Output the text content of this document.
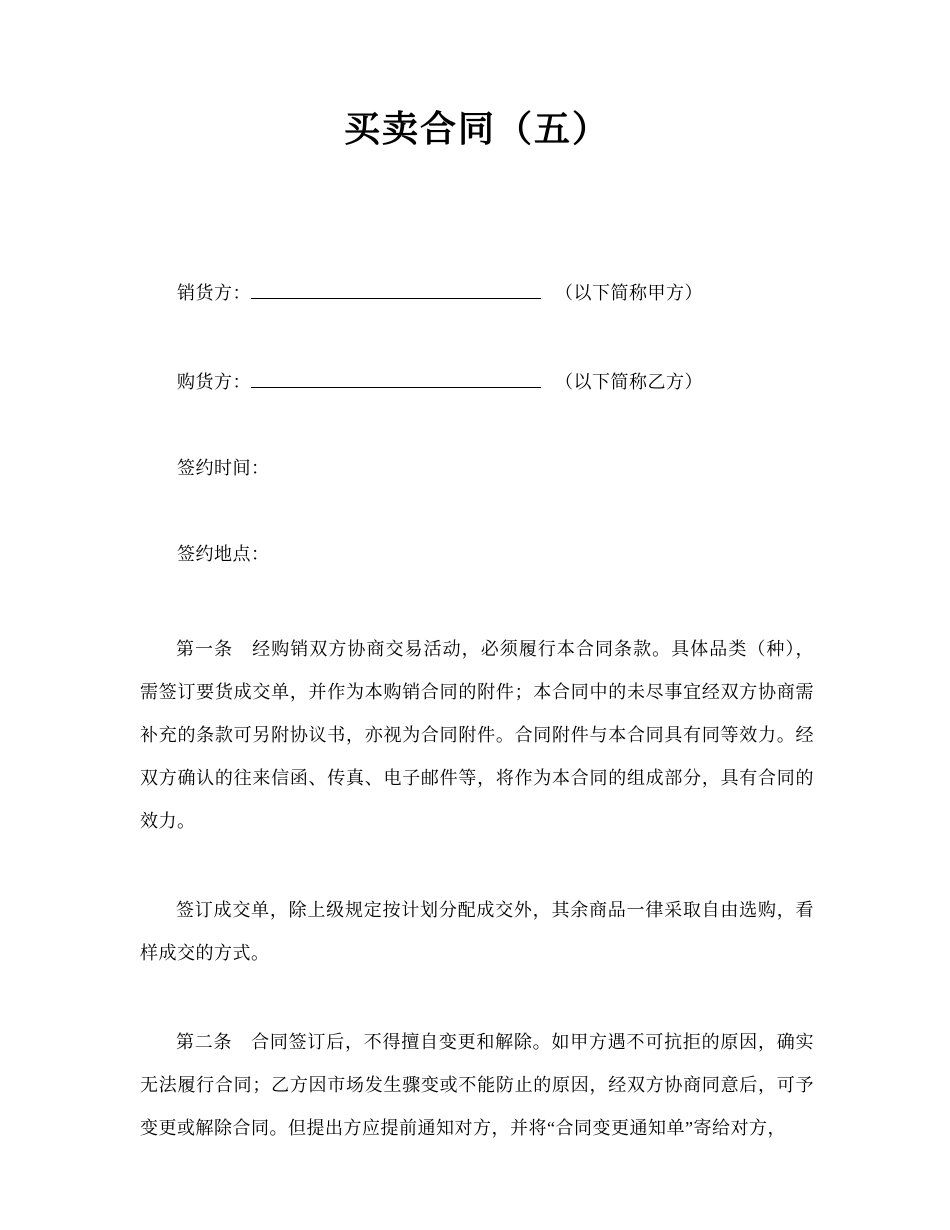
买卖合同（五）
销货方：	（以下简称甲方）
购货方：	（以下简称乙方）
签约时间：
签约地点：

第一条　经购销双方协商交易活动，必须履行本合同条款。具体品类（种），需签订要货成交单，并作为本购销合同的附件；本合同中的未尽事宜经双方协商需补充的条款可另附协议书，亦视为合同附件。合同附件与本合同具有同等效力。经双方确认的往来信函、传真、电子邮件等，将作为本合同的组成部分，具有合同的效力。

签订成交单，除上级规定按计划分配成交外，其余商品一律采取自由选购，看样成交的方式。

第二条　合同签订后，不得擅自变更和解除。如甲方遇不可抗拒的原因，确实无法履行合同；乙方因市场发生骤变或不能防止的原因，经双方协商同意后，可予变更或解除合同。但提出方应提前通知对方，并将“合同变更通知单”寄给对方，
